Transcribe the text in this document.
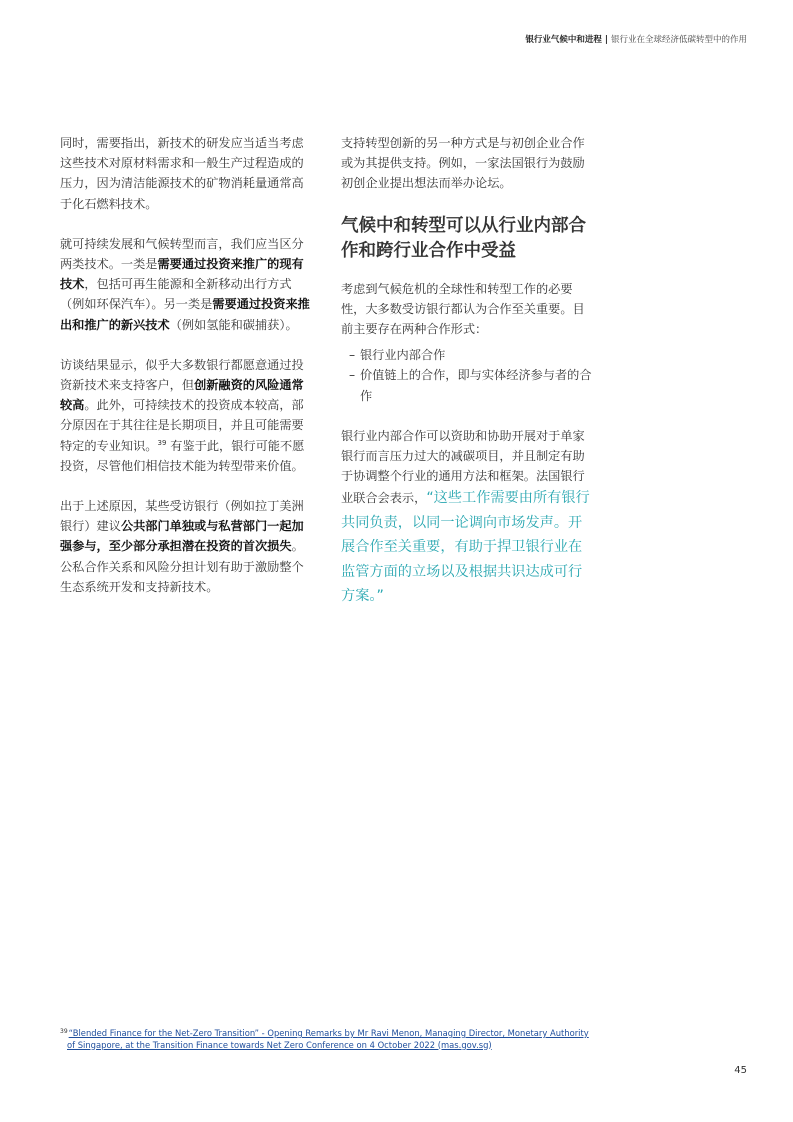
银行业气候中和进程 | 银行业在全球经济低碳转型中的作用

同时，需要指出，新技术的研发应当适当考虑这些技术对原材料需求和一般生产过程造成的压力，因为清洁能源技术的矿物消耗量通常高于化石燃料技术。

就可持续发展和气候转型而言，我们应当区分两类技术。一类是需要通过投资来推广的现有技术，包括可再生能源和全新移动出行方式（例如环保汽车）。另一类是需要通过投资来推出和推广的新兴技术（例如氢能和碳捕获）。

访谈结果显示，似乎大多数银行都愿意通过投资新技术来支持客户，但创新融资的风险通常较高。此外，可持续技术的投资成本较高，部分原因在于其往往是长期项目，并且可能需要特定的专业知识。$^{39}$ 有鉴于此，银行可能不愿投资，尽管他们相信技术能为转型带来价值。

出于上述原因，某些受访银行（例如拉丁美洲银行）建议公共部门单独或与私营部门一起加强参与，至少部分承担潜在投资的首次损失。公私合作关系和风险分担计划有助于激励整个生态系统开发和支持新技术。

支持转型创新的另一种方式是与初创企业合作或为其提供支持。例如，一家法国银行为鼓励初创企业提出想法而举办论坛。

气候中和转型可以从行业内部合作和跨行业合作中受益

考虑到气候危机的全球性和转型工作的必要性，大多数受访银行都认为合作至关重要。目前主要存在两种合作形式：

– 银行业内部合作
– 价值链上的合作，即与实体经济参与者的合作

银行业内部合作可以资助和协助开展对于单家银行而言压力过大的减碳项目，并且制定有助于协调整个行业的通用方法和框架。法国银行业联合会表示，“这些工作需要由所有银行共同负责，以同一论调向市场发声。开展合作至关重要，有助于捍卫银行业在监管方面的立场以及根据共识达成可行方案。”

$^{39}$“Blended Finance for the Net-Zero Transition” - Opening Remarks by Mr Ravi Menon, Managing Director, Monetary Authority
of Singapore, at the Transition Finance towards Net Zero Conference on 4 October 2022 (mas.gov.sg)
45
